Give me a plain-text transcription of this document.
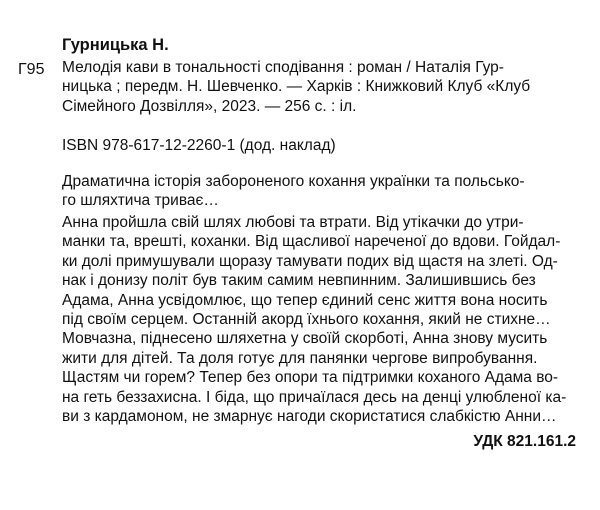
Гурницька Н.
Г95 Мелодія кави в тональності сподівання : роман / Наталія Гур-
ницька ; передм. Н. Шевченко. — Харків : Книжковий Клуб «Клуб
Сімейного Дозвілля», 2023. — 256 с. : іл.
ISBN 978-617-12-2260-1 (дод. наклад)
Драматична історія забороненого кохання українки та польсько-
го шляхтича триває…
Анна пройшла свій шлях любові та втрати. Від утікачки до утри-
манки та, врешті, коханки. Від щасливої нареченої до вдови. Гойдал-
ки долі примушували щоразу тамувати подих від щастя на злеті. Од-
нак і донизу політ був таким самим невпинним. Залишившись без
Адама, Анна усвідомлює, що тепер єдиний сенс життя вона носить
під своїм серцем. Останній акорд їхнього кохання, який не стихне…
Мовчазна, піднесено шляхетна у своїй скорботі, Анна знову мусить
жити для дітей. Та доля готує для панянки чергове випробування.
Щастям чи горем? Тепер без опори та підтримки коханого Адама во-
на геть беззахисна. І біда, що причаїлася десь на денці улюбленої ка-
ви з кардамоном, не змарнує нагоди скористатися слабкістю Анни…
УДК 821.161.2
